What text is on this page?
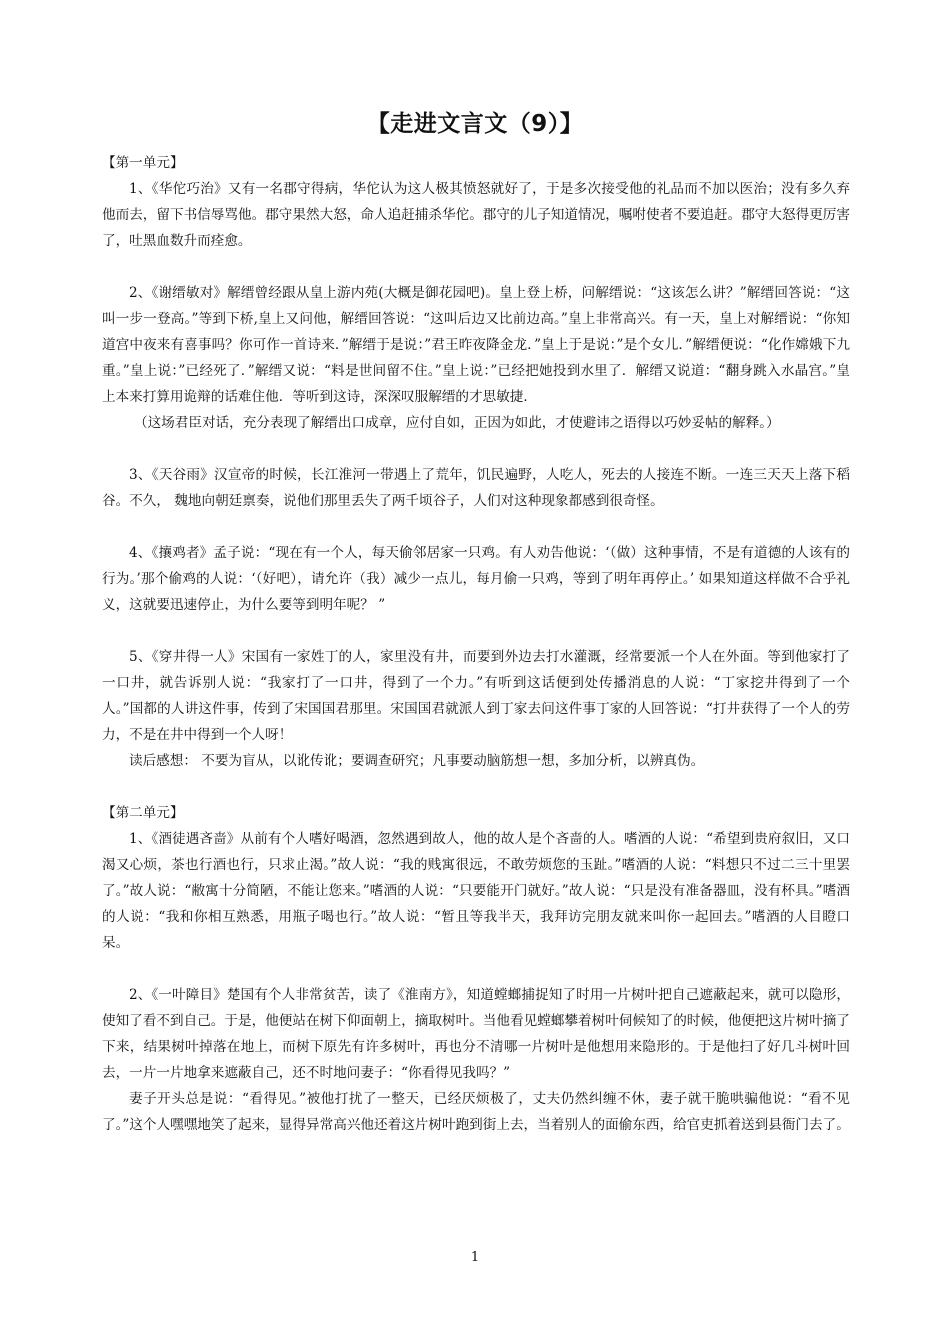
【走进文言文（9）】

【第一单元】

1、《华佗巧治》又有一名郡守得病，华佗认为这人极其愤怒就好了，于是多次接受他的礼品而不加以医治；没有多久弃他而去，留下书信辱骂他。郡守果然大怒，命人追赶捕杀华佗。郡守的儿子知道情况，嘱咐使者不要追赶。郡守大怒得更厉害了，吐黑血数升而痊愈。

2、《谢缙敏对》解缙曾经跟从皇上游内苑(大概是御花园吧)。皇上登上桥，问解缙说：“这该怎么讲？”解缙回答说：“这叫一步一登高。”等到下桥,皇上又问他，解缙回答说：“这叫后边又比前边高。”皇上非常高兴。有一天，皇上对解缙说：“你知道宫中夜来有喜事吗？你可作一首诗来．”解缙于是说：”君王昨夜降金龙．”皇上于是说：”是个女儿．”解缙便说：“化作嫦娥下九重。”皇上说：”已经死了．”解缙又说：“料是世间留不住。”皇上说：”已经把她投到水里了．解缙又说道：“翻身跳入水晶宫。”皇上本来打算用诡辩的话难住他．等听到这诗，深深叹服解缙的才思敏捷．

（这场君臣对话，充分表现了解缙出口成章，应付自如，正因为如此，才使避讳之语得以巧妙妥帖的解释。）

3、《天谷雨》汉宣帝的时候，长江淮河一带遇上了荒年，饥民遍野，人吃人，死去的人接连不断。一连三天天上落下稻谷。不久， 魏地向朝廷禀奏，说他们那里丢失了两千顷谷子，人们对这种现象都感到很奇怪。

4、《攘鸡者》孟子说：“现在有一个人，每天偷邻居家一只鸡。有人劝告他说：‘（做）这种事情，不是有道德的人该有的行为。’那个偷鸡的人说：‘（好吧），请允许（我）减少一点儿，每月偷一只鸡，等到了明年再停止。’ 如果知道这样做不合乎礼义，这就要迅速停止，为什么要等到明年呢？ ”

5、《穿井得一人》宋国有一家姓丁的人，家里没有井，而要到外边去打水灌溉，经常要派一个人在外面。等到他家打了一口井，就告诉别人说：“我家打了一口井，得到了一个力。”有听到这话便到处传播消息的人说：“丁家挖井得到了一个人。”国都的人讲这件事，传到了宋国国君那里。宋国国君就派人到丁家去问这件事丁家的人回答说：“打井获得了一个人的劳力，不是在井中得到一个人呀！

读后感想： 不要为盲从，以讹传讹；要调查研究；凡事要动脑筋想一想，多加分析，以辨真伪。

【第二单元】

1、《酒徒遇吝啬》从前有个人嗜好喝酒，忽然遇到故人，他的故人是个吝啬的人。嗜酒的人说：“希望到贵府叙旧，又口渴又心烦，茶也行酒也行，只求止渴。”故人说：“我的贱寓很远，不敢劳烦您的玉趾。”嗜酒的人说：“料想只不过二三十里罢了。”故人说：“敝寓十分简陋，不能让您来。”嗜酒的人说：“只要能开门就好。”故人说：“只是没有准备器皿，没有杯具。”嗜酒的人说：“我和你相互熟悉，用瓶子喝也行。”故人说：“暂且等我半天，我拜访完朋友就来叫你一起回去。”嗜酒的人目瞪口呆。

2、《一叶障目》楚国有个人非常贫苦，读了《淮南方》，知道螳螂捕捉知了时用一片树叶把自己遮蔽起来，就可以隐形，使知了看不到自己。于是，他便站在树下仰面朝上，摘取树叶。当他看见螳螂攀着树叶伺候知了的时候，他便把这片树叶摘了下来，结果树叶掉落在地上，而树下原先有许多树叶，再也分不清哪一片树叶是他想用来隐形的。于是他扫了好几斗树叶回去，一片一片地拿来遮蔽自己，还不时地问妻子：“你看得见我吗？”

妻子开头总是说：“看得见。”被他打扰了一整天，已经厌烦极了，丈夫仍然纠缠不休，妻子就干脆哄骗他说：“看不见了。”这个人嘿嘿地笑了起来，显得异常高兴他还着这片树叶跑到街上去，当着别人的面偷东西，给官吏抓着送到县衙门去了。

1
